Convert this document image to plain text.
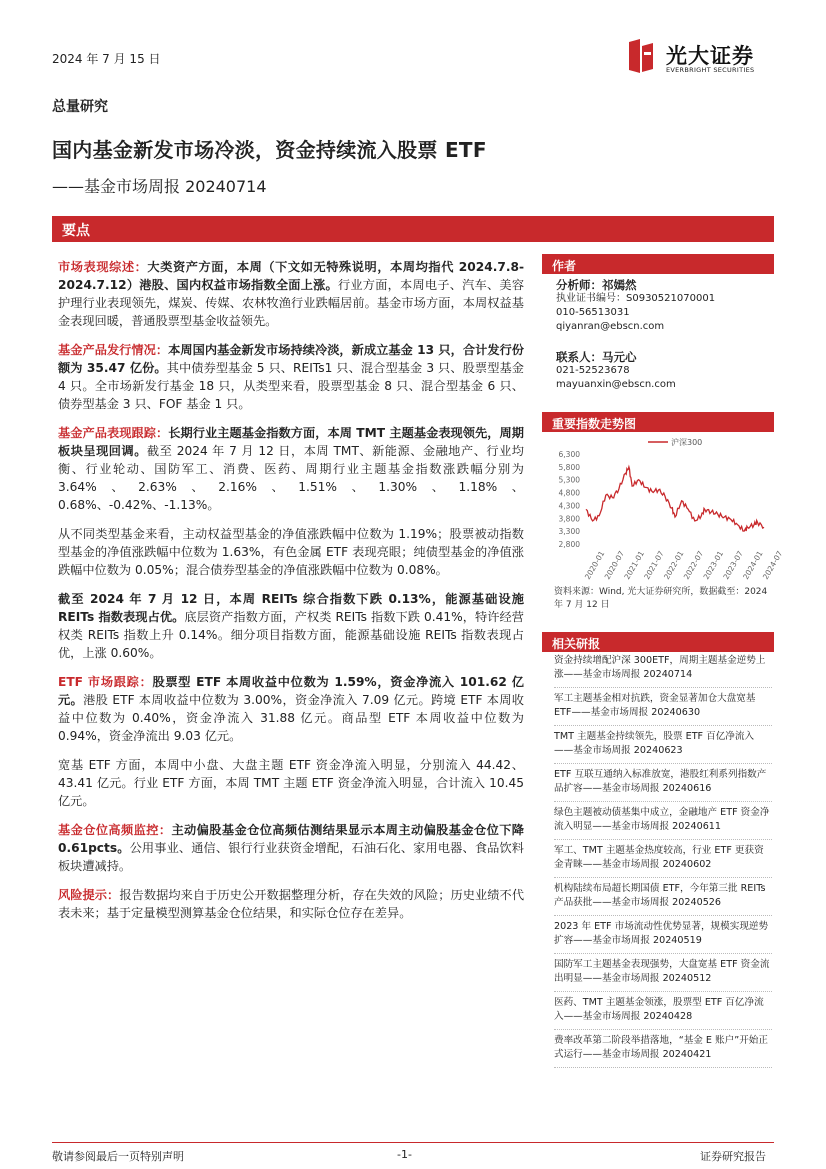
2024 年 7 月 15 日	光大证券
EVERBRIGHT SECURITIES
总量研究
国内基金新发市场冷淡，资金持续流入股票 ETF
——基金市场周报 20240714
要点
市场表现综述：大类资产方面，本周（下文如无特殊说明，本周均指代 2024.7.8-2024.7.12）港股、国内权益市场指数全面上涨。行业方面，本周电子、汽车、美容护理行业表现领先，煤炭、传媒、农林牧渔行业跌幅居前。基金市场方面，本周权益基金表现回暖，普通股票型基金收益领先。
基金产品发行情况：本周国内基金新发市场持续冷淡，新成立基金 13 只，合计发行份额为 35.47 亿份。其中债券型基金 5 只、REITs1 只、混合型基金 3 只、股票型基金 4 只。全市场新发行基金 18 只，从类型来看，股票型基金 8 只、混合型基金 6 只、债券型基金 3 只、FOF 基金 1 只。
基金产品表现跟踪：长期行业主题基金指数方面，本周 TMT 主题基金表现领先，周期板块呈现回调。截至 2024 年 7 月 12 日，本周 TMT、新能源、金融地产、行业均衡、行业轮动、国防军工、消费、医药、周期行业主题基金指数涨跌幅分别为 3.64%、2.63%、2.16%、1.51%、1.30%、1.18%、0.68%、-0.42%、-1.13%。
从不同类型基金来看，主动权益型基金的净值涨跌幅中位数为 1.19%；股票被动指数型基金的净值涨跌幅中位数为 1.63%，有色金属 ETF 表现亮眼；纯债型基金的净值涨跌幅中位数为 0.05%；混合债券型基金的净值涨跌幅中位数为 0.08%。
截至 2024 年 7 月 12 日，本周 REITs 综合指数下跌 0.13%，能源基础设施 REITs 指数表现占优。底层资产指数方面，产权类 REITs 指数下跌 0.41%，特许经营权类 REITs 指数上升 0.14%。细分项目指数方面，能源基础设施 REITs 指数表现占优，上涨 0.60%。
ETF 市场跟踪：股票型 ETF 本周收益中位数为 1.59%，资金净流入 101.62 亿元。港股 ETF 本周收益中位数为 3.00%，资金净流入 7.09 亿元。跨境 ETF 本周收益中位数为 0.40%，资金净流入 31.88 亿元。商品型 ETF 本周收益中位数为 0.94%，资金净流出 9.03 亿元。
宽基 ETF 方面，本周中小盘、大盘主题 ETF 资金净流入明显，分别流入 44.42、43.41 亿元。行业 ETF 方面，本周 TMT 主题 ETF 资金净流入明显，合计流入 10.45 亿元。
基金仓位高频监控：主动偏股基金仓位高频估测结果显示本周主动偏股基金仓位下降 0.61pcts。公用事业、通信、银行行业获资金增配，石油石化、家用电器、食品饮料板块遭减持。
风险提示：报告数据均来自于历史公开数据整理分析，存在失效的风险；历史业绩不代表未来；基于定量模型测算基金仓位结果，和实际仓位存在差异。
作者
分析师：祁嫣然
执业证书编号：S0930521070001
010-56513031
qiyanran@ebscn.com
联系人：马元心
021-52523678
mayuanxin@ebscn.com
重要指数走势图
沪深300
6,300
5,800
5,300
4,800
4,300
3,800
3,300
2,800
2020-01
2020-07
2021-01
2021-07
2022-01
2022-07
2023-01
2023-07
2024-01
2024-07
资料来源：Wind, 光大证券研究所，数据截至：2024 年 7 月 12 日
相关研报
资金持续增配沪深 300ETF，周期主题基金逆势上涨——基金市场周报 20240714
军工主题基金相对抗跌，资金显著加仓大盘宽基 ETF——基金市场周报 20240630
TMT 主题基金持续领先，股票 ETF 百亿净流入——基金市场周报 20240623
ETF 互联互通纳入标准放宽，港股红利系列指数产品扩容——基金市场周报 20240616
绿色主题被动债基集中成立，金融地产 ETF 资金净流入明显——基金市场周报 20240611
军工、TMT 主题基金热度较高，行业 ETF 更获资金青睐——基金市场周报 20240602
机构陆续布局超长期国债 ETF，今年第三批 REITs 产品获批——基金市场周报 20240526
2023 年 ETF 市场流动性优势显著，规模实现逆势扩容——基金市场周报 20240519
国防军工主题基金表现强势，大盘宽基 ETF 资金流出明显——基金市场周报 20240512
医药、TMT 主题基金领涨，股票型 ETF 百亿净流入——基金市场周报 20240428
费率改革第二阶段举措落地，“基金 E 账户”开始正式运行——基金市场周报 20240421
敬请参阅最后一页特别声明	-1-	证券研究报告
